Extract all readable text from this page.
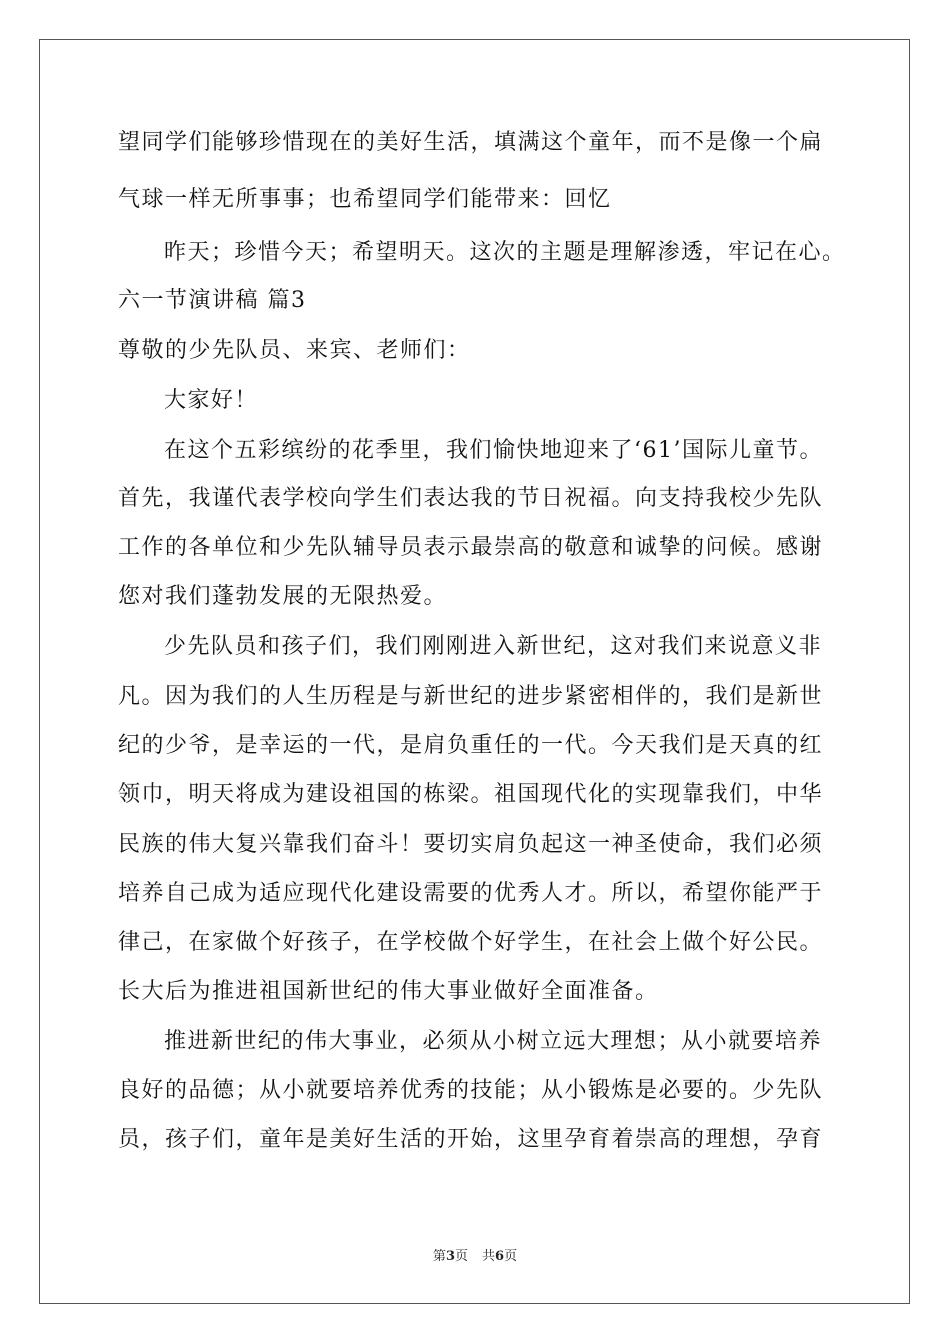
望同学们能够珍惜现在的美好生活，填满这个童年，而不是像一个扁
气球一样无所事事；也希望同学们能带来：回忆
昨天；珍惜今天；希望明天。这次的主题是理解渗透，牢记在心。
六一节演讲稿 篇3
尊敬的少先队员、来宾、老师们：
大家好！
在这个五彩缤纷的花季里，我们愉快地迎来了‘61’国际儿童节。
首先，我谨代表学校向学生们表达我的节日祝福。向支持我校少先队
工作的各单位和少先队辅导员表示最崇高的敬意和诚挚的问候。感谢
您对我们蓬勃发展的无限热爱。
少先队员和孩子们，我们刚刚进入新世纪，这对我们来说意义非
凡。因为我们的人生历程是与新世纪的进步紧密相伴的，我们是新世
纪的少爷，是幸运的一代，是肩负重任的一代。今天我们是天真的红
领巾，明天将成为建设祖国的栋梁。祖国现代化的实现靠我们，中华
民族的伟大复兴靠我们奋斗！要切实肩负起这一神圣使命，我们必须
培养自己成为适应现代化建设需要的优秀人才。所以，希望你能严于
律己，在家做个好孩子，在学校做个好学生，在社会上做个好公民。
长大后为推进祖国新世纪的伟大事业做好全面准备。
推进新世纪的伟大事业，必须从小树立远大理想；从小就要培养
良好的品德；从小就要培养优秀的技能；从小锻炼是必要的。少先队
员，孩子们，童年是美好生活的开始，这里孕育着崇高的理想，孕育
第3页 共6页
